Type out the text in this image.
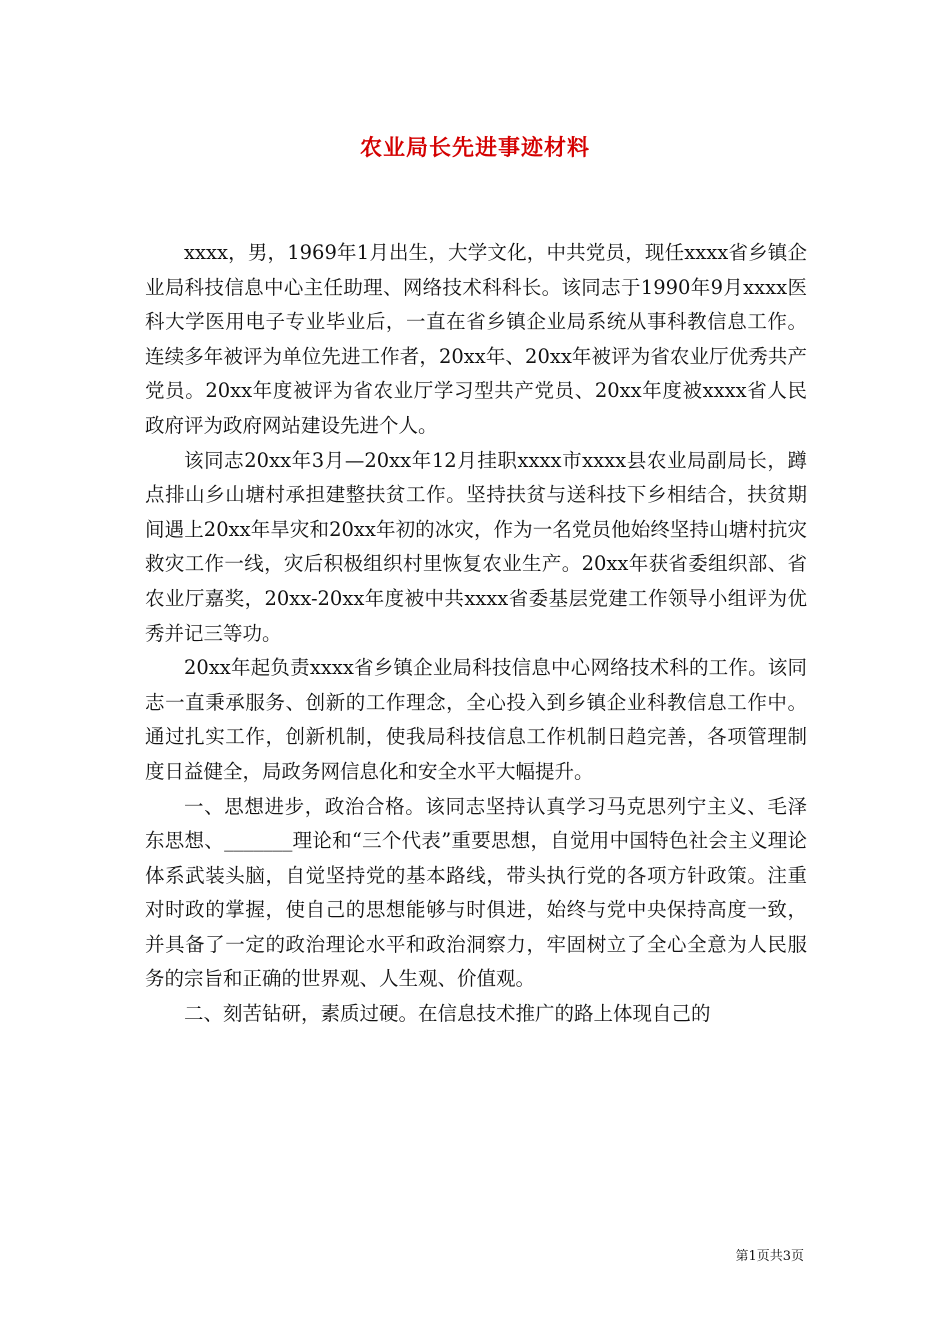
农业局长先进事迹材料

xxxx，男，1969年1月出生，大学文化，中共党员，现任xxxx省乡镇企业局科技信息中心主任助理、网络技术科科长。该同志于1990年9月xxxx医科大学医用电子专业毕业后，一直在省乡镇企业局系统从事科教信息工作。连续多年被评为单位先进工作者，20xx年、20xx年被评为省农业厅优秀共产党员。20xx年度被评为省农业厅学习型共产党员、20xx年度被xxxx省人民政府评为政府网站建设先进个人。

该同志20xx年3月—20xx年12月挂职xxxx市xxxx县农业局副局长，蹲点排山乡山塘村承担建整扶贫工作。坚持扶贫与送科技下乡相结合，扶贫期间遇上20xx年旱灾和20xx年初的冰灾，作为一名党员他始终坚持山塘村抗灾救灾工作一线，灾后积极组织村里恢复农业生产。20xx年获省委组织部、省农业厅嘉奖，20xx-20xx年度被中共xxxx省委基层党建工作领导小组评为优秀并记三等功。

20xx年起负责xxxx省乡镇企业局科技信息中心网络技术科的工作。该同志一直秉承服务、创新的工作理念，全心投入到乡镇企业科教信息工作中。通过扎实工作，创新机制，使我局科技信息工作机制日趋完善，各项管理制度日益健全，局政务网信息化和安全水平大幅提升。

一、思想进步，政治合格。该同志坚持认真学习马克思列宁主义、毛泽东思想、_______理论和“三个代表”重要思想，自觉用中国特色社会主义理论体系武装头脑，自觉坚持党的基本路线，带头执行党的各项方针政策。注重对时政的掌握，使自己的思想能够与时俱进，始终与党中央保持高度一致，并具备了一定的政治理论水平和政治洞察力，牢固树立了全心全意为人民服务的宗旨和正确的世界观、人生观、价值观。

二、刻苦钻研，素质过硬。在信息技术推广的路上体现自己的

第1页共3页
